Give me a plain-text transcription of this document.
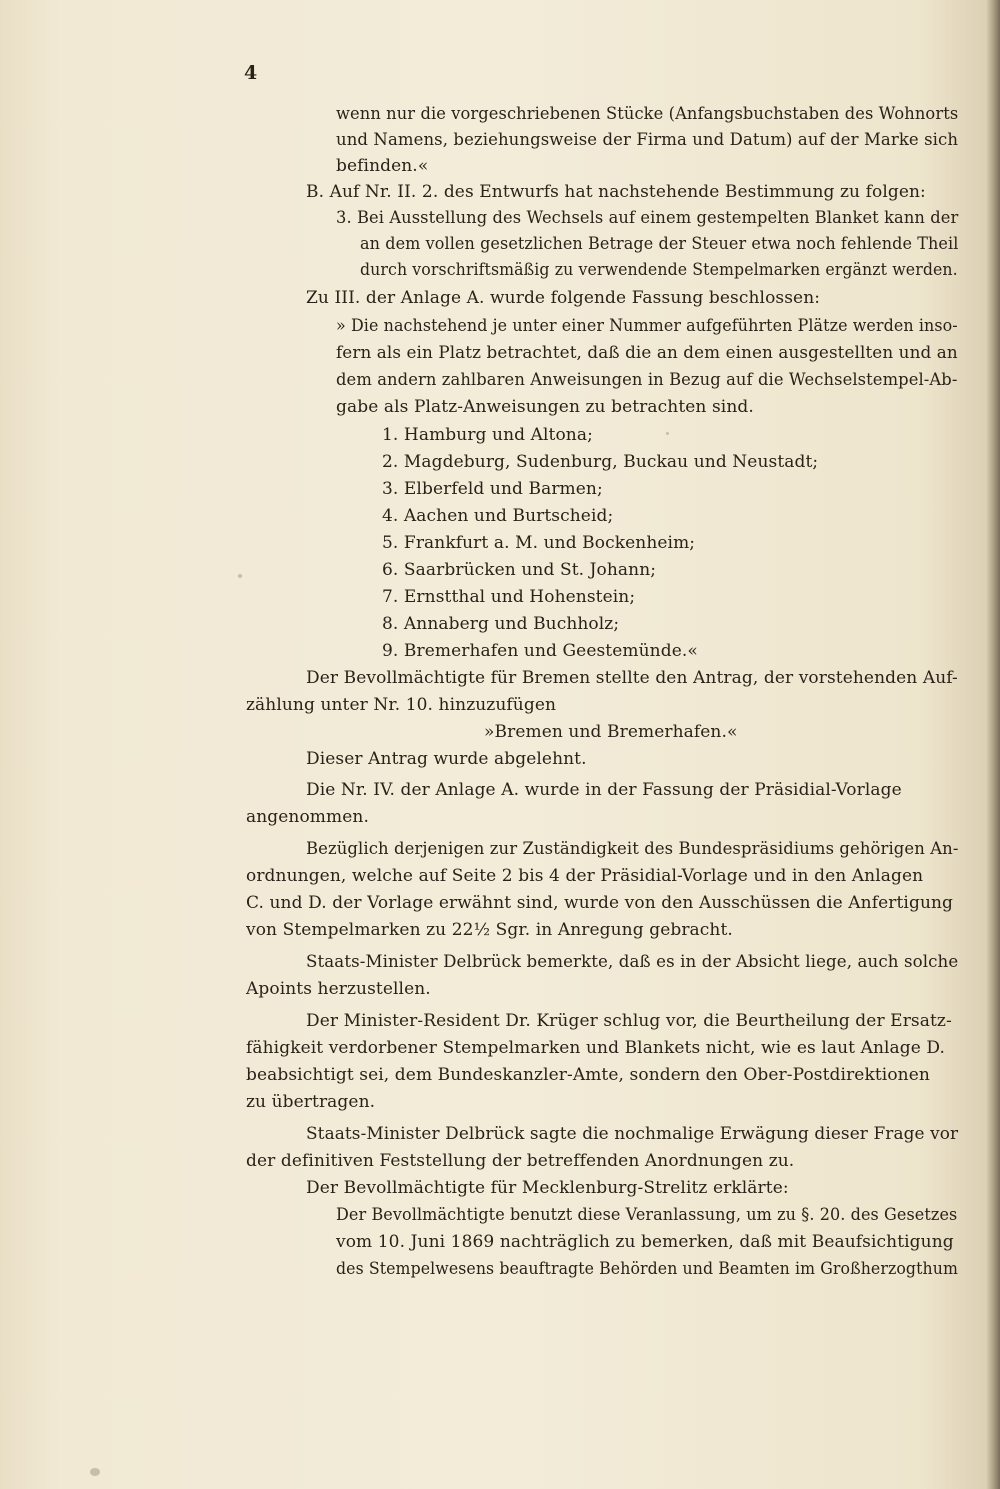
4
wenn nur die vorgeschriebenen Stücke (Anfangsbuchstaben des Wohnorts
und Namens, beziehungsweise der Firma und Datum) auf der Marke sich
befinden.«
B. Auf Nr. II. 2. des Entwurfs hat nachstehende Bestimmung zu folgen:
3. Bei Ausstellung des Wechsels auf einem gestempelten Blanket kann der
an dem vollen gesetzlichen Betrage der Steuer etwa noch fehlende Theil
durch vorschriftsmäßig zu verwendende Stempelmarken ergänzt werden.
Zu III. der Anlage A. wurde folgende Fassung beschlossen:
» Die nachstehend je unter einer Nummer aufgeführten Plätze werden inso-
fern als ein Platz betrachtet, daß die an dem einen ausgestellten und an
dem andern zahlbaren Anweisungen in Bezug auf die Wechselstempel-Ab-
gabe als Platz-Anweisungen zu betrachten sind.
1. Hamburg und Altona;
2. Magdeburg, Sudenburg, Buckau und Neustadt;
3. Elberfeld und Barmen;
4. Aachen und Burtscheid;
5. Frankfurt a. M. und Bockenheim;
6. Saarbrücken und St. Johann;
7. Ernstthal und Hohenstein;
8. Annaberg und Buchholz;
9. Bremerhafen und Geestemünde.«
Der Bevollmächtigte für Bremen stellte den Antrag, der vorstehenden Auf-
zählung unter Nr. 10. hinzuzufügen
»Bremen und Bremerhafen.«
Dieser Antrag wurde abgelehnt.
Die Nr. IV. der Anlage A. wurde in der Fassung der Präsidial-Vorlage
angenommen.
Bezüglich derjenigen zur Zuständigkeit des Bundespräsidiums gehörigen An-
ordnungen, welche auf Seite 2 bis 4 der Präsidial-Vorlage und in den Anlagen
C. und D. der Vorlage erwähnt sind, wurde von den Ausschüssen die Anfertigung
von Stempelmarken zu 22½ Sgr. in Anregung gebracht.
Staats-Minister Delbrück bemerkte, daß es in der Absicht liege, auch solche
Apoints herzustellen.
Der Minister-Resident Dr. Krüger schlug vor, die Beurtheilung der Ersatz-
fähigkeit verdorbener Stempelmarken und Blankets nicht, wie es laut Anlage D.
beabsichtigt sei, dem Bundeskanzler-Amte, sondern den Ober-Postdirektionen
zu übertragen.
Staats-Minister Delbrück sagte die nochmalige Erwägung dieser Frage vor
der definitiven Feststellung der betreffenden Anordnungen zu.
Der Bevollmächtigte für Mecklenburg-Strelitz erklärte:
Der Bevollmächtigte benutzt diese Veranlassung, um zu §. 20. des Gesetzes
vom 10. Juni 1869 nachträglich zu bemerken, daß mit Beaufsichtigung
des Stempelwesens beauftragte Behörden und Beamten im Großherzogthum
